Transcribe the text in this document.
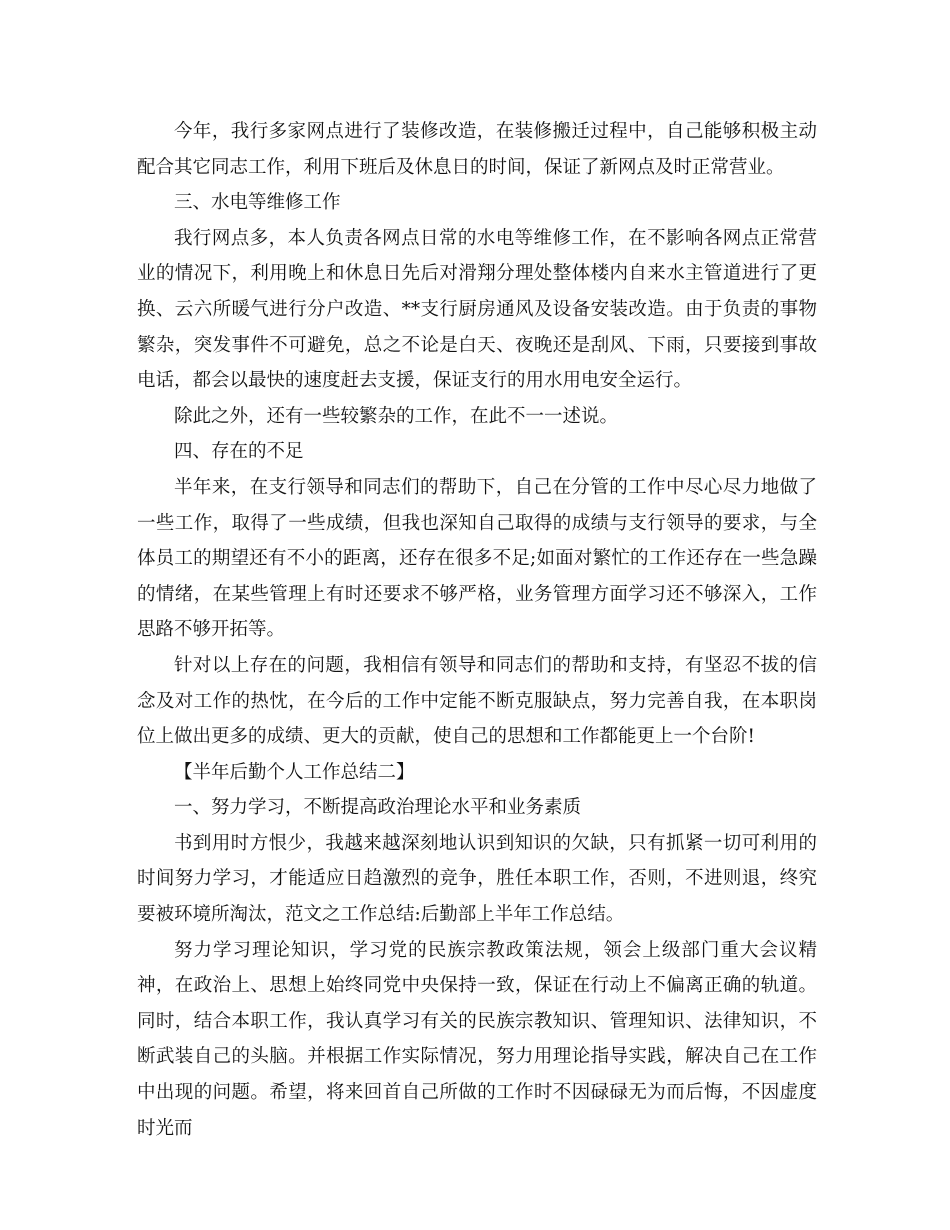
今年，我行多家网点进行了装修改造，在装修搬迁过程中，自己能够积极主动配合其它同志工作，利用下班后及休息日的时间，保证了新网点及时正常营业。

三、水电等维修工作

我行网点多，本人负责各网点日常的水电等维修工作，在不影响各网点正常营业的情况下，利用晚上和休息日先后对滑翔分理处整体楼内自来水主管道进行了更换、云六所暖气进行分户改造、**支行厨房通风及设备安装改造。由于负责的事物繁杂，突发事件不可避免，总之不论是白天、夜晚还是刮风、下雨，只要接到事故电话，都会以最快的速度赶去支援，保证支行的用水用电安全运行。

除此之外，还有一些较繁杂的工作，在此不一一述说。

四、存在的不足

半年来，在支行领导和同志们的帮助下，自己在分管的工作中尽心尽力地做了一些工作，取得了一些成绩，但我也深知自己取得的成绩与支行领导的要求，与全体员工的期望还有不小的距离，还存在很多不足;如面对繁忙的工作还存在一些急躁的情绪，在某些管理上有时还要求不够严格，业务管理方面学习还不够深入，工作思路不够开拓等。

针对以上存在的问题，我相信有领导和同志们的帮助和支持，有坚忍不拔的信念及对工作的热忱，在今后的工作中定能不断克服缺点，努力完善自我，在本职岗位上做出更多的成绩、更大的贡献，使自己的思想和工作都能更上一个台阶!

【半年后勤个人工作总结二】

一、努力学习，不断提高政治理论水平和业务素质

书到用时方恨少，我越来越深刻地认识到知识的欠缺，只有抓紧一切可利用的时间努力学习，才能适应日趋激烈的竞争，胜任本职工作，否则，不进则退，终究要被环境所淘汰，范文之工作总结:后勤部上半年工作总结。

努力学习理论知识，学习党的民族宗教政策法规，领会上级部门重大会议精神，在政治上、思想上始终同党中央保持一致，保证在行动上不偏离正确的轨道。同时，结合本职工作，我认真学习有关的民族宗教知识、管理知识、法律知识，不断武装自己的头脑。并根据工作实际情况，努力用理论指导实践，解决自己在工作中出现的问题。希望，将来回首自己所做的工作时不因碌碌无为而后悔，不因虚度时光而
